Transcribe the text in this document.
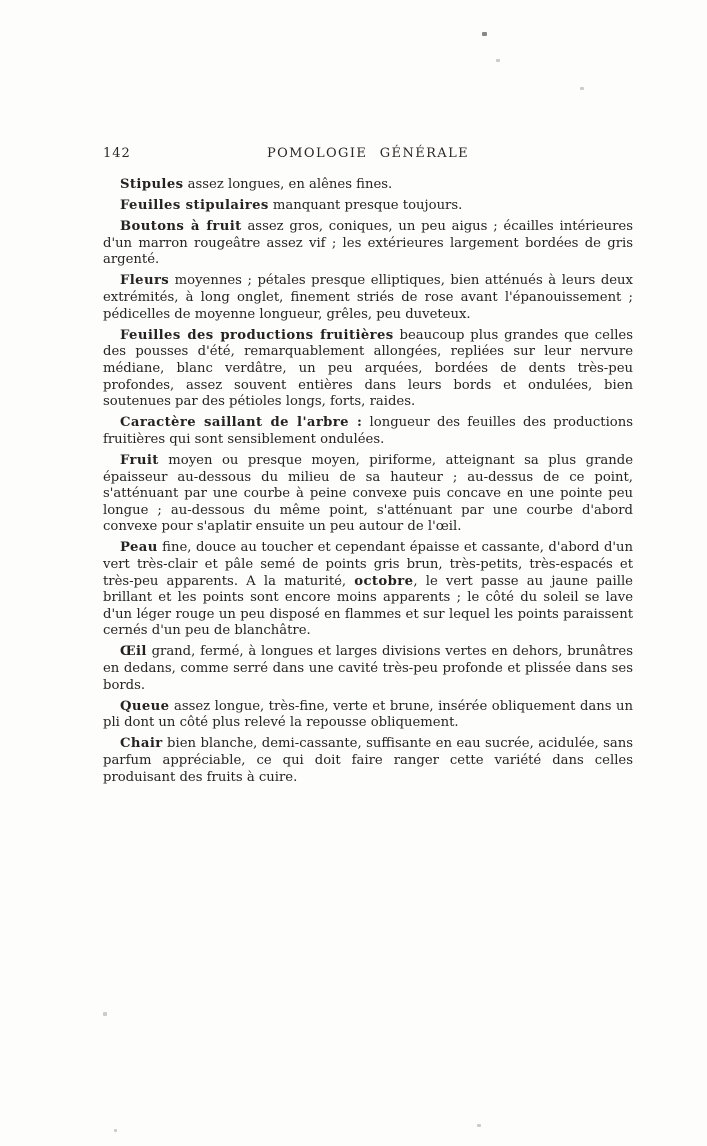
142	POMOLOGIE GÉNÉRALE

Stipules assez longues, en alênes fines.

Feuilles stipulaires manquant presque toujours.

Boutons à fruit assez gros, coniques, un peu aigus ; écailles intérieures d'un marron rougeâtre assez vif ; les extérieures largement bordées de gris argenté.

Fleurs moyennes ; pétales presque elliptiques, bien atténués à leurs deux extrémités, à long onglet, finement striés de rose avant l'épanouissement ; pédicelles de moyenne longueur, grêles, peu duveteux.

Feuilles des productions fruitières beaucoup plus grandes que celles des pousses d'été, remarquablement allongées, repliées sur leur nervure médiane, blanc verdâtre, un peu arquées, bordées de dents très-peu profondes, assez souvent entières dans leurs bords et ondulées, bien soutenues par des pétioles longs, forts, raides.

Caractère saillant de l'arbre : longueur des feuilles des productions fruitières qui sont sensiblement ondulées.

Fruit moyen ou presque moyen, piriforme, atteignant sa plus grande épaisseur au-dessous du milieu de sa hauteur ; au-dessus de ce point, s'atténuant par une courbe à peine convexe puis concave en une pointe peu longue ; au-dessous du même point, s'atténuant par une courbe d'abord convexe pour s'aplatir ensuite un peu autour de l'œil.

Peau fine, douce au toucher et cependant épaisse et cassante, d'abord d'un vert très-clair et pâle semé de points gris brun, très-petits, très-espacés et très-peu apparents. A la maturité, octobre, le vert passe au jaune paille brillant et les points sont encore moins apparents ; le côté du soleil se lave d'un léger rouge un peu disposé en flammes et sur lequel les points paraissent cernés d'un peu de blanchâtre.

Œil grand, fermé, à longues et larges divisions vertes en dehors, brunâtres en dedans, comme serré dans une cavité très-peu profonde et plissée dans ses bords.

Queue assez longue, très-fine, verte et brune, insérée obliquement dans un pli dont un côté plus relevé la repousse obliquement.

Chair bien blanche, demi-cassante, suffisante en eau sucrée, acidulée, sans parfum appréciable, ce qui doit faire ranger cette variété dans celles produisant des fruits à cuire.
